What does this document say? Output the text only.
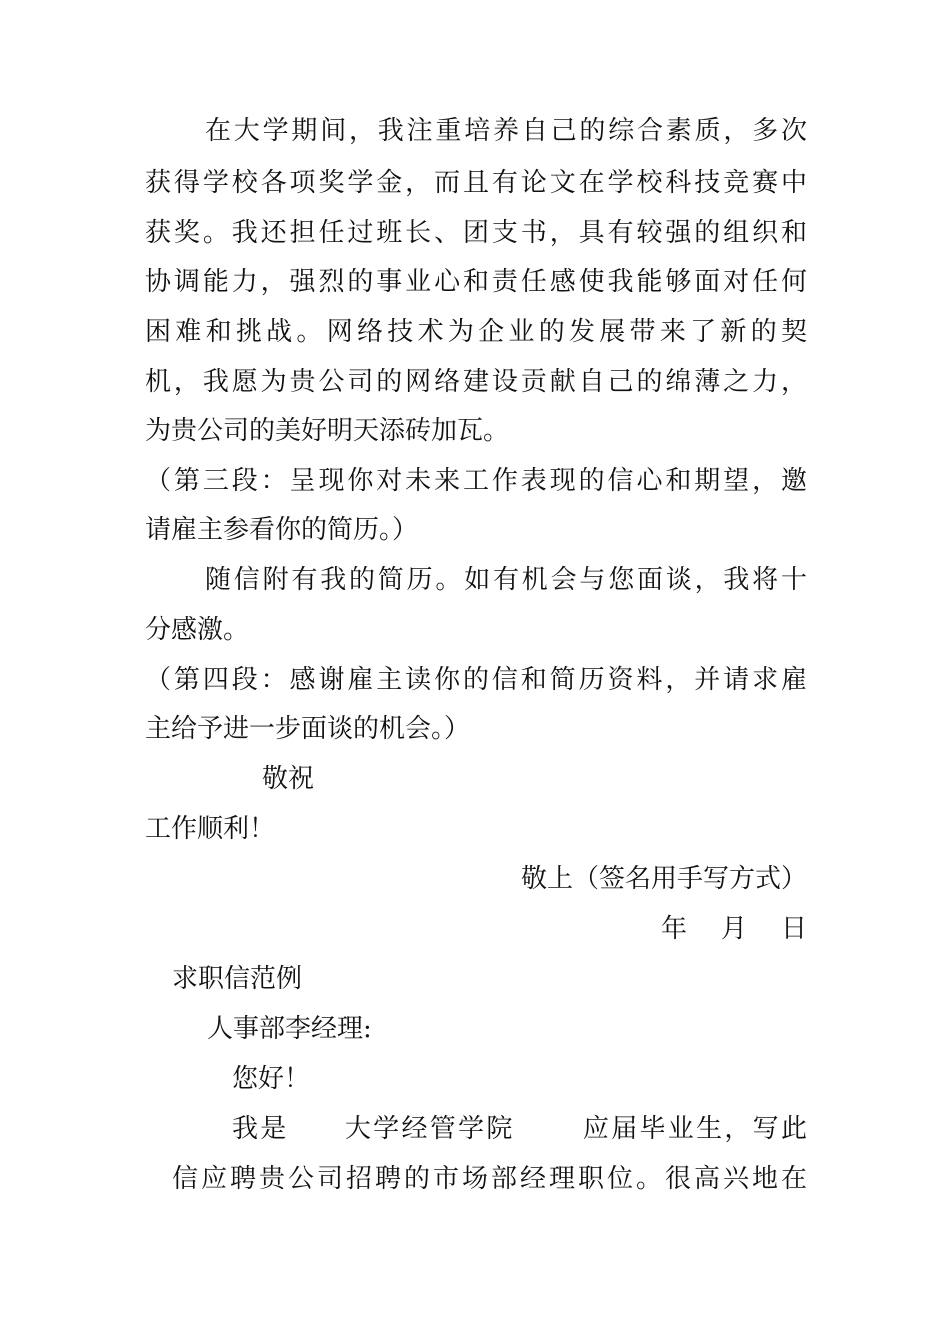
在大学期间，我注重培养自己的综合素质，多次
获得学校各项奖学金，而且有论文在学校科技竞赛中
获奖。我还担任过班长、团支书，具有较强的组织和
协调能力，强烈的事业心和责任感使我能够面对任何
困难和挑战。网络技术为企业的发展带来了新的契
机，我愿为贵公司的网络建设贡献自己的绵薄之力，
为贵公司的美好明天添砖加瓦。
（第三段：呈现你对未来工作表现的信心和期望，邀
请雇主参看你的简历。）
随信附有我的简历。如有机会与您面谈，我将十
分感激。
（第四段：感谢雇主读你的信和简历资料，并请求雇
主给予进一步面谈的机会。）
敬祝
工作顺利！
敬上（签名用手写方式）
年 月 日
求职信范例
人事部李经理:
您好！
我是 大学经管学院	应届毕业生，写此
信应聘贵公司招聘的市场部经理职位。很高兴地在
